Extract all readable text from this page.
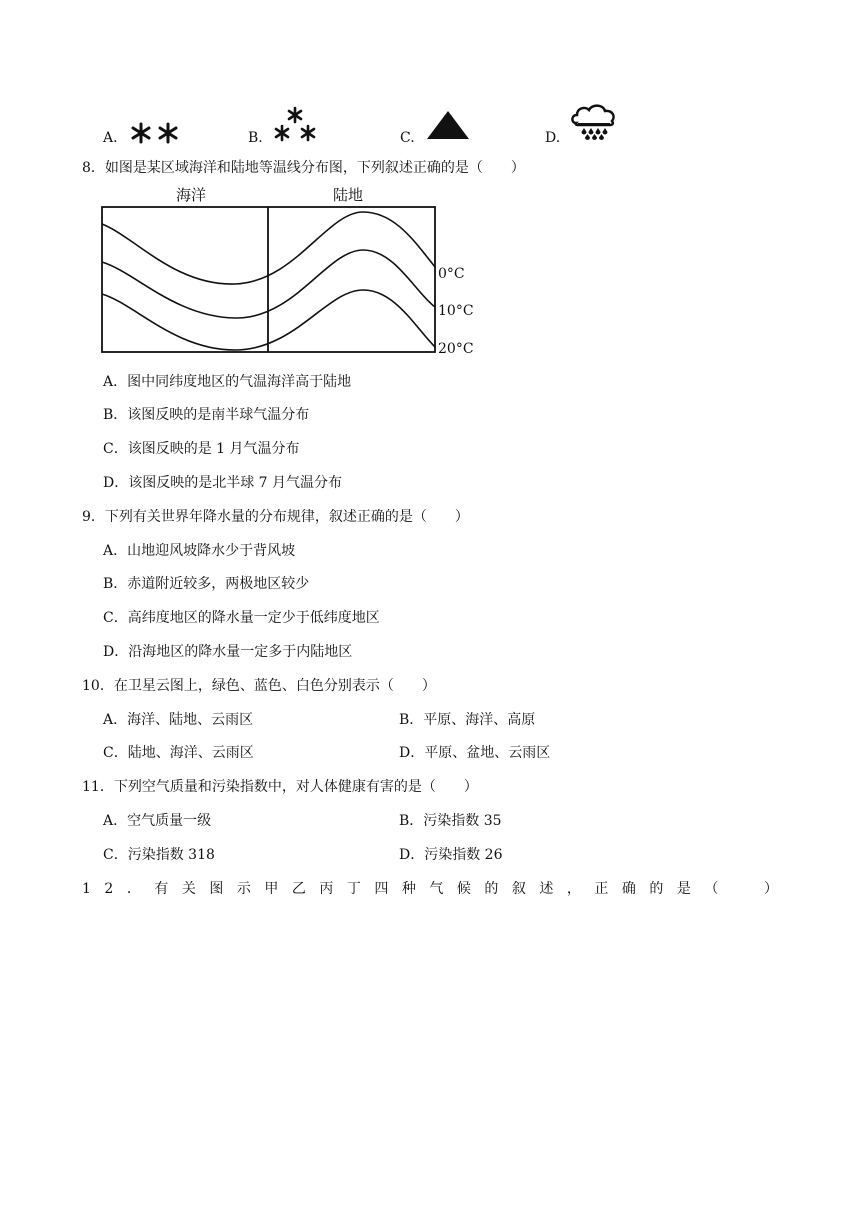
A.	B.	C.	D.
8．如图是某区域海洋和陆地等温线分布图，下列叙述正确的是（　　）
海洋	陆地
0°C
10°C
20°C
A．图中同纬度地区的气温海洋高于陆地
B．该图反映的是南半球气温分布
C．该图反映的是 1 月气温分布
D．该图反映的是北半球 7 月气温分布
9．下列有关世界年降水量的分布规律，叙述正确的是（　　）
A．山地迎风坡降水少于背风坡
B．赤道附近较多，两极地区较少
C．高纬度地区的降水量一定少于低纬度地区
D．沿海地区的降水量一定多于内陆地区
10．在卫星云图上，绿色、蓝色、白色分别表示（　　）
A．海洋、陆地、云雨区	B．平原、海洋、高原
C．陆地、海洋、云雨区	D．平原、盆地、云雨区
11．下列空气质量和污染指数中，对人体健康有害的是（　　）
A．空气质量一级	B．污染指数 35
C．污染指数 318	D．污染指数 26
12．有关图示甲乙丙丁四种气候的叙述，正确的是（ ）
